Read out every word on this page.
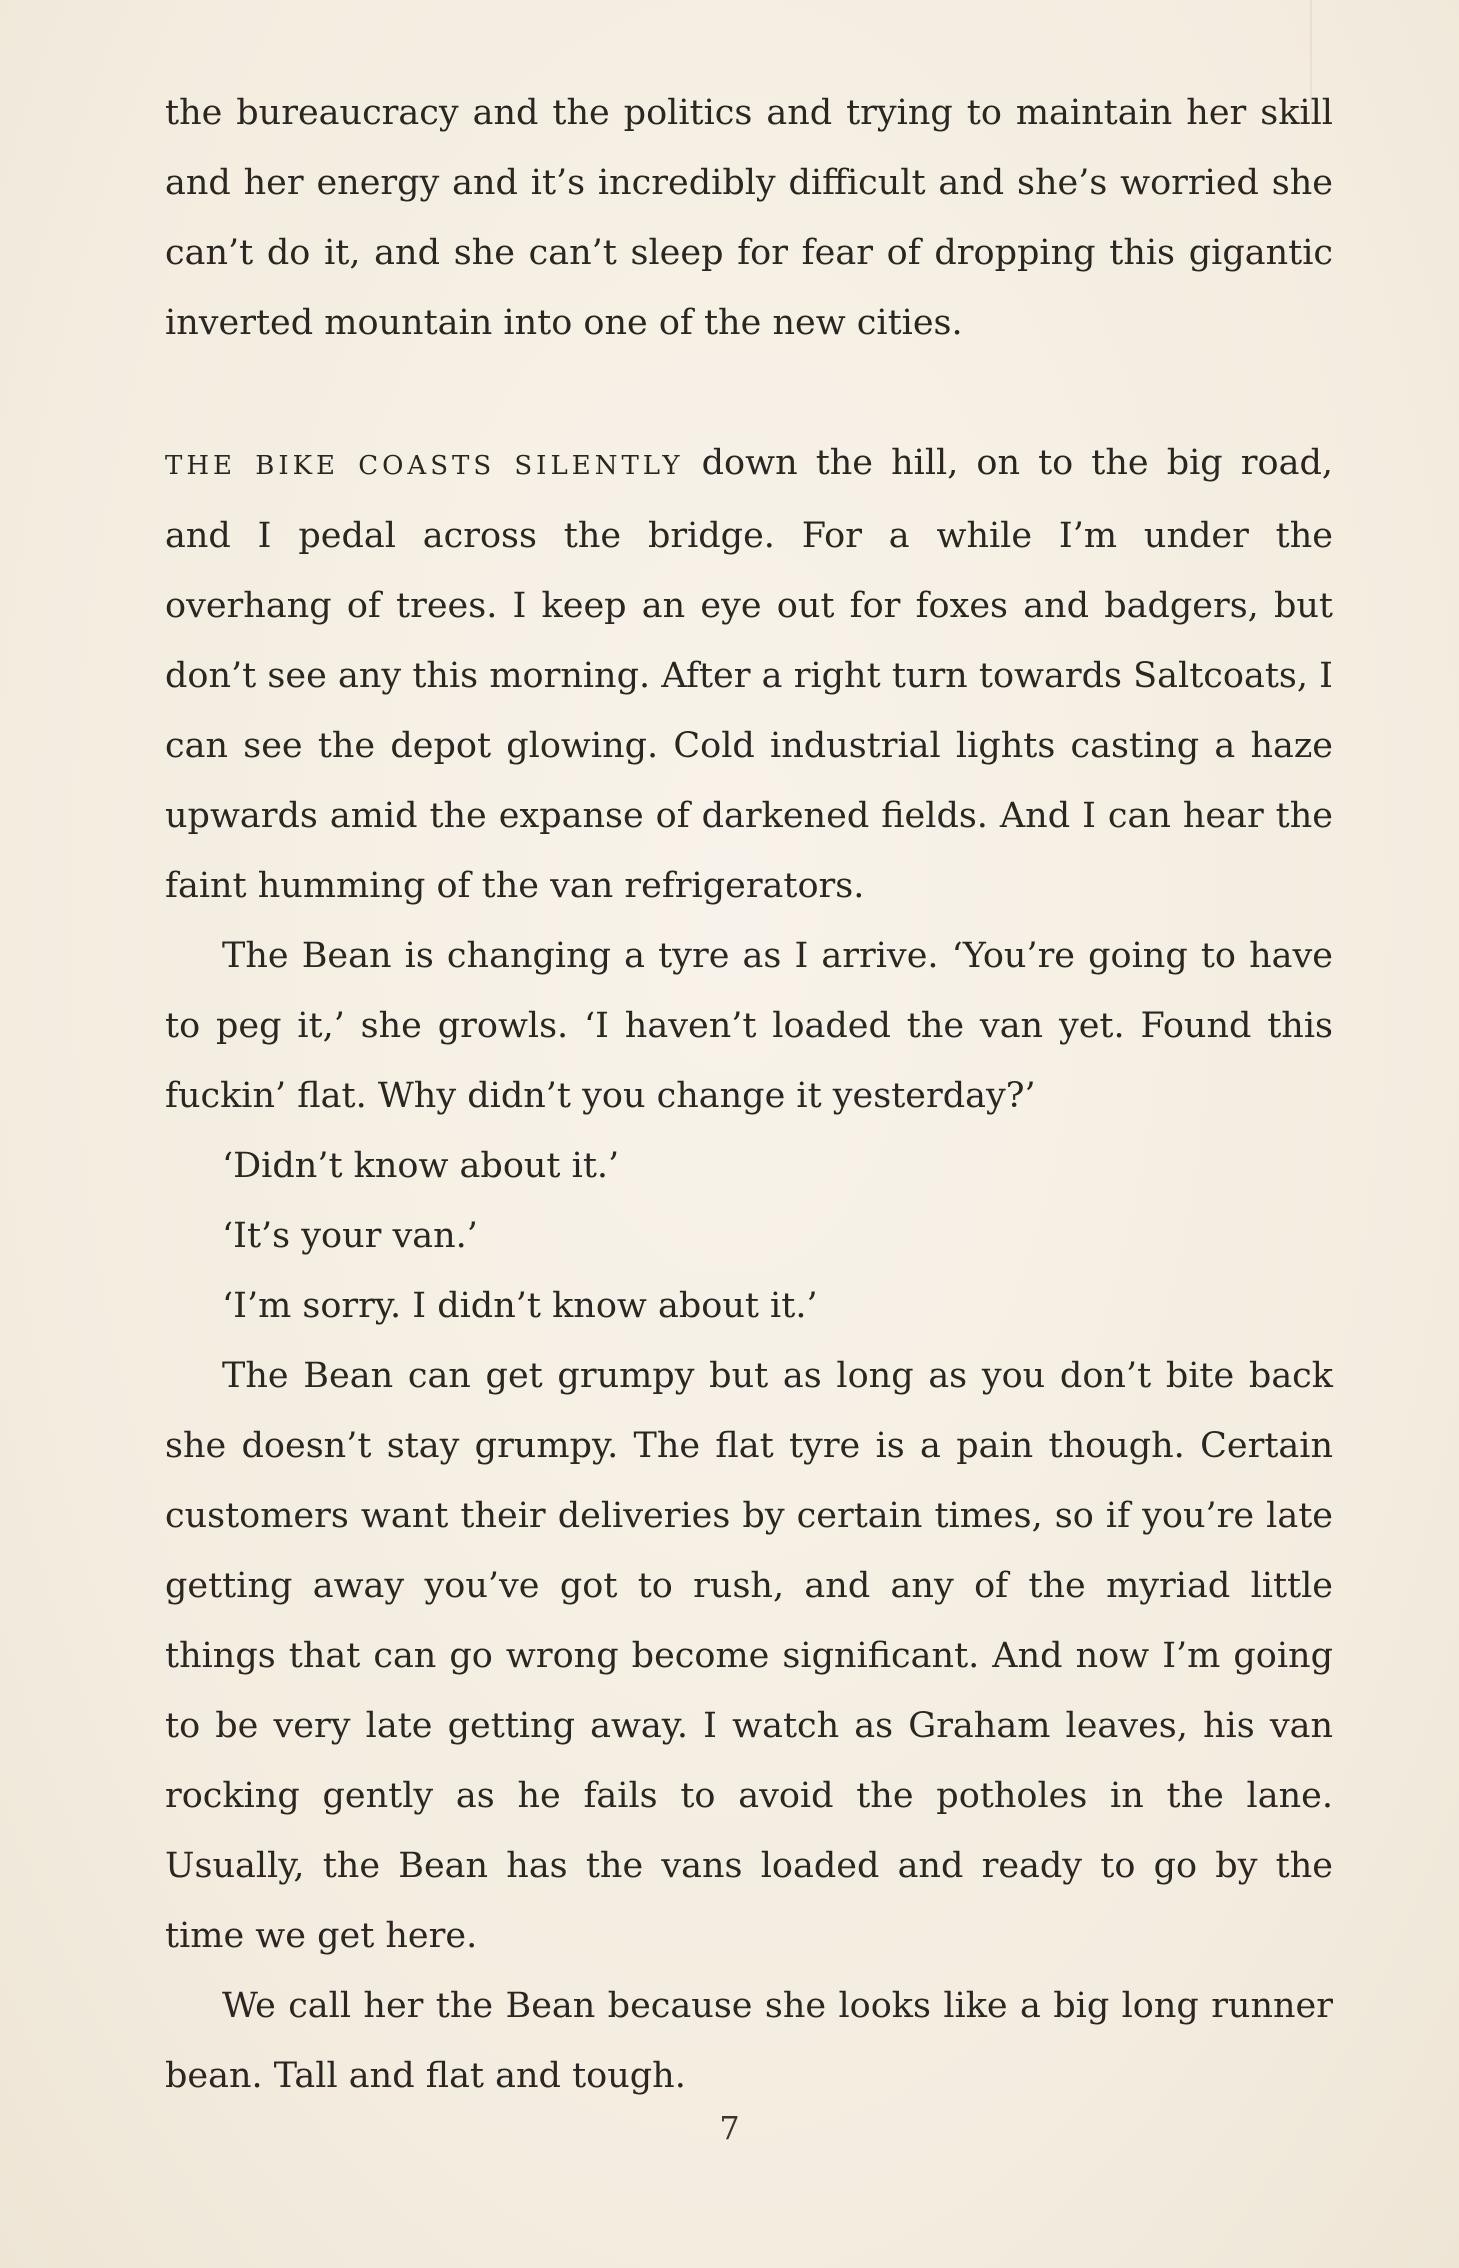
the bureaucracy and the politics and trying to maintain her skill and her energy and it’s incredibly difficult and she’s worried she can’t do it, and she can’t sleep for fear of dropping this gigantic inverted mountain into one of the new cities.

THE BIKE COASTS SILENTLY down the hill, on to the big road, and I pedal across the bridge. For a while I’m under the overhang of trees. I keep an eye out for foxes and badgers, but don’t see any this morning. After a right turn towards Saltcoats, I can see the depot glowing. Cold industrial lights casting a haze upwards amid the expanse of darkened fields. And I can hear the faint humming of the van refrigerators.

The Bean is changing a tyre as I arrive. ‘You’re going to have to peg it,’ she growls. ‘I haven’t loaded the van yet. Found this fuckin’ flat. Why didn’t you change it yesterday?’

‘Didn’t know about it.’

‘It’s your van.’

‘I’m sorry. I didn’t know about it.’

The Bean can get grumpy but as long as you don’t bite back she doesn’t stay grumpy. The flat tyre is a pain though. Certain customers want their deliveries by certain times, so if you’re late getting away you’ve got to rush, and any of the myriad little things that can go wrong become significant. And now I’m going to be very late getting away. I watch as Graham leaves, his van rocking gently as he fails to avoid the potholes in the lane. Usually, the Bean has the vans loaded and ready to go by the time we get here.

We call her the Bean because she looks like a big long runner bean. Tall and flat and tough.

7
